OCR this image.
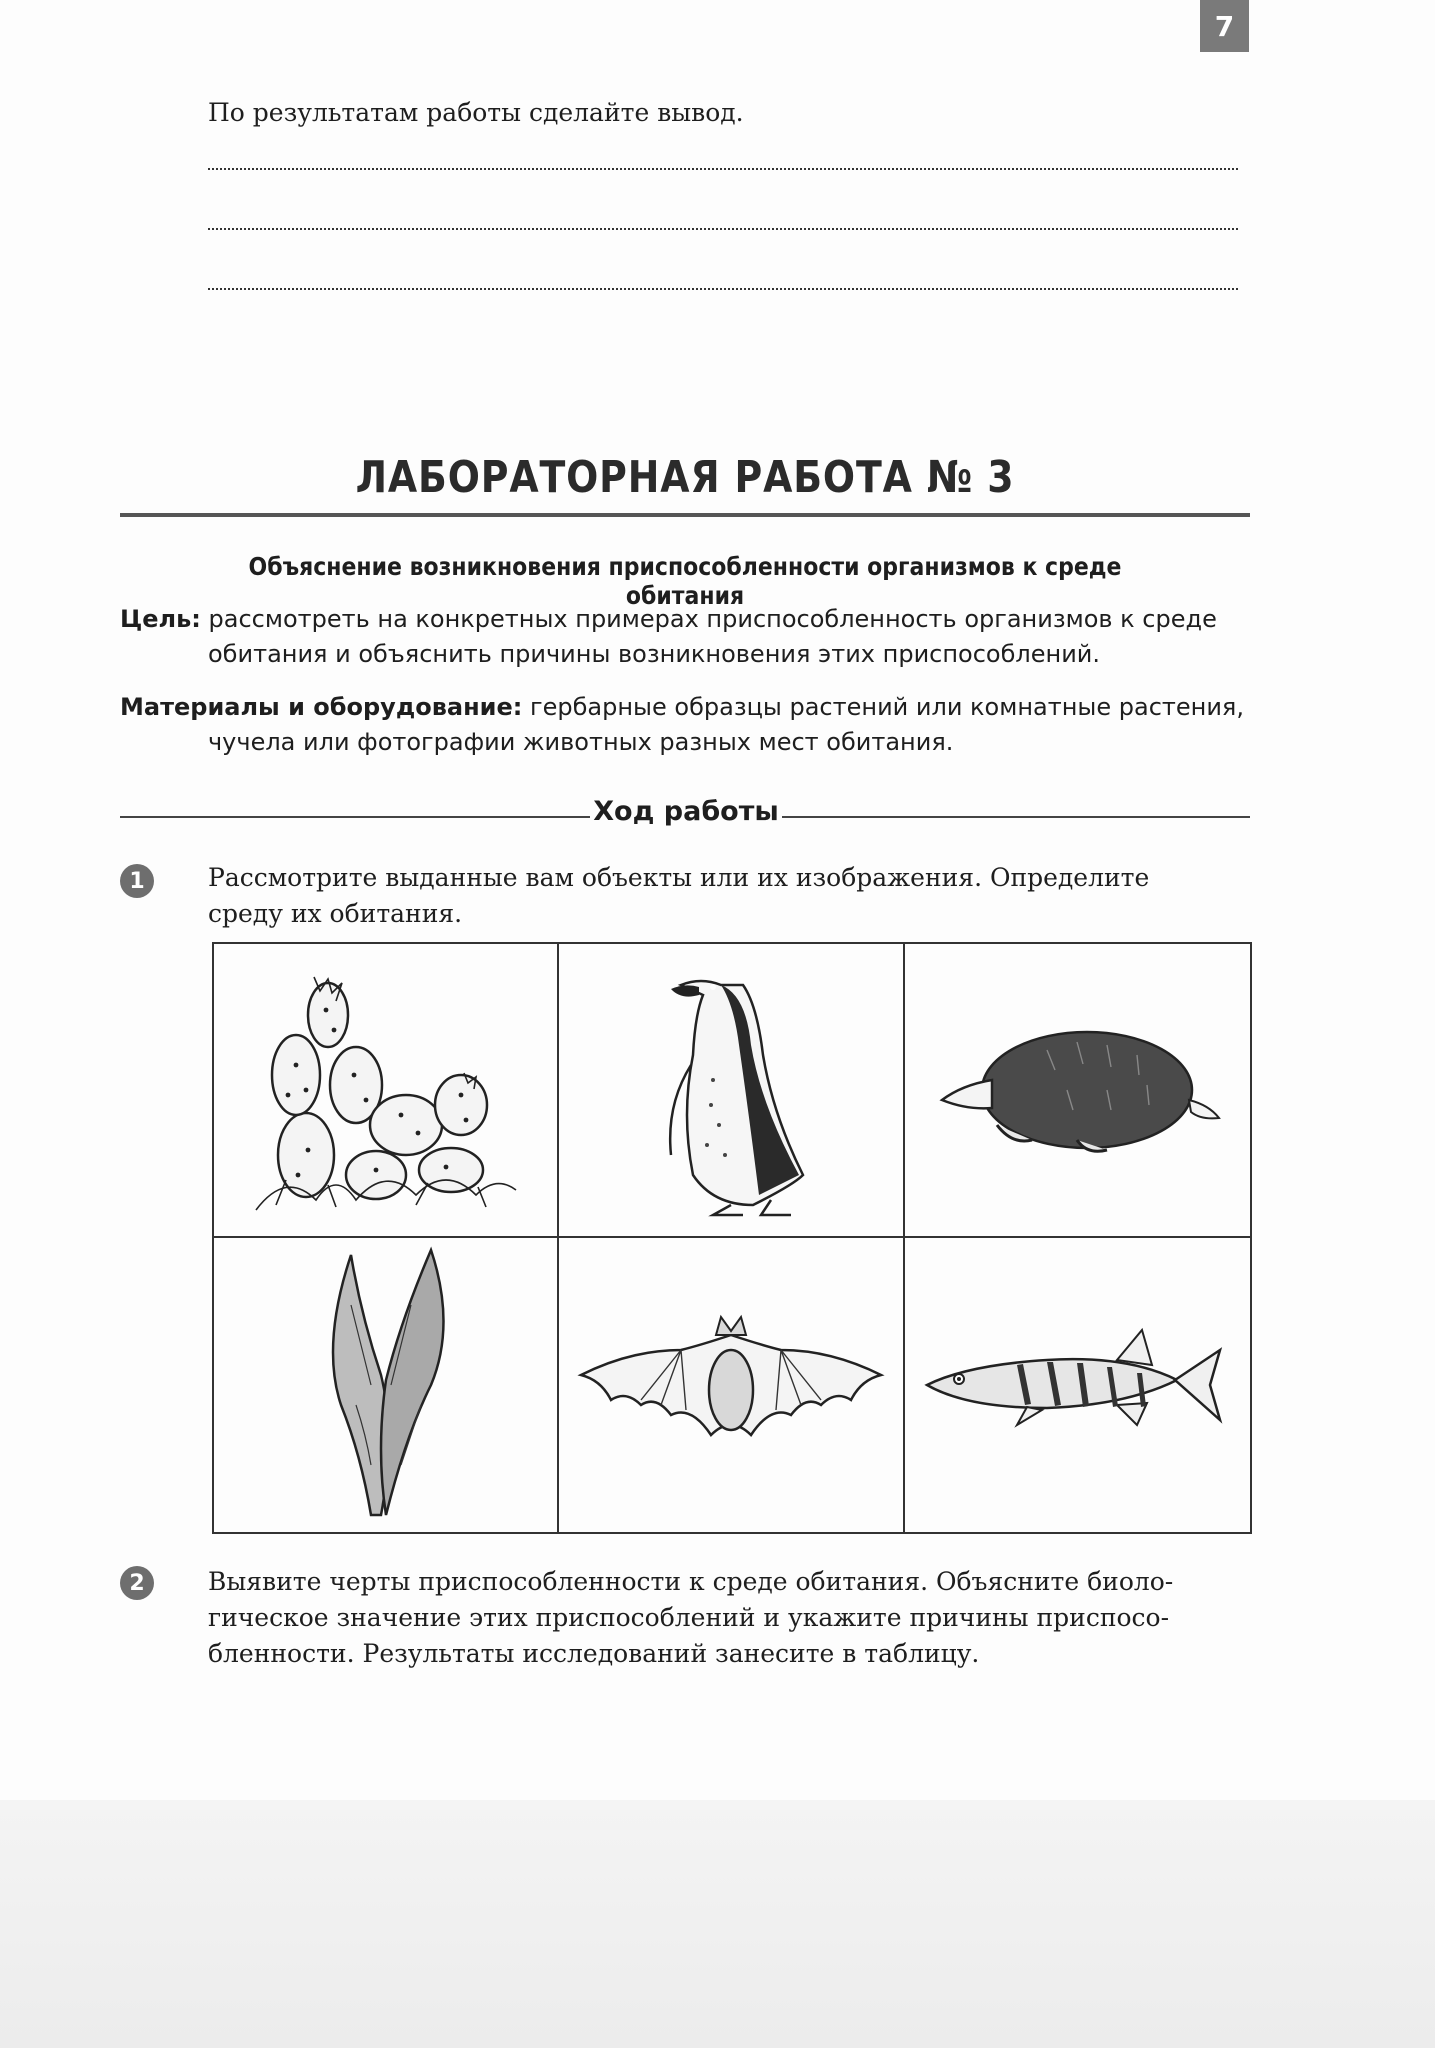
7
По результатам работы сделайте вывод.
ЛАБОРАТОРНАЯ РАБОТА № 3
Объяснение возникновения приспособленности организмов к среде обитания
Цель: рассмотреть на конкретных примерах приспособленность организмов к среде
обитания и объяснить причины возникновения этих приспособлений.
Материалы и оборудование: гербарные образцы растений или комнатные растения,
чучела или фотографии животных разных мест обитания.
Ход работы
1	Рассмотрите выданные вам объекты или их изображения. Определите
среду их обитания.
2	Выявите черты приспособленности к среде обитания. Объясните биоло-
гическое значение этих приспособлений и укажите причины приспосо-
бленности. Результаты исследований занесите в таблицу.
